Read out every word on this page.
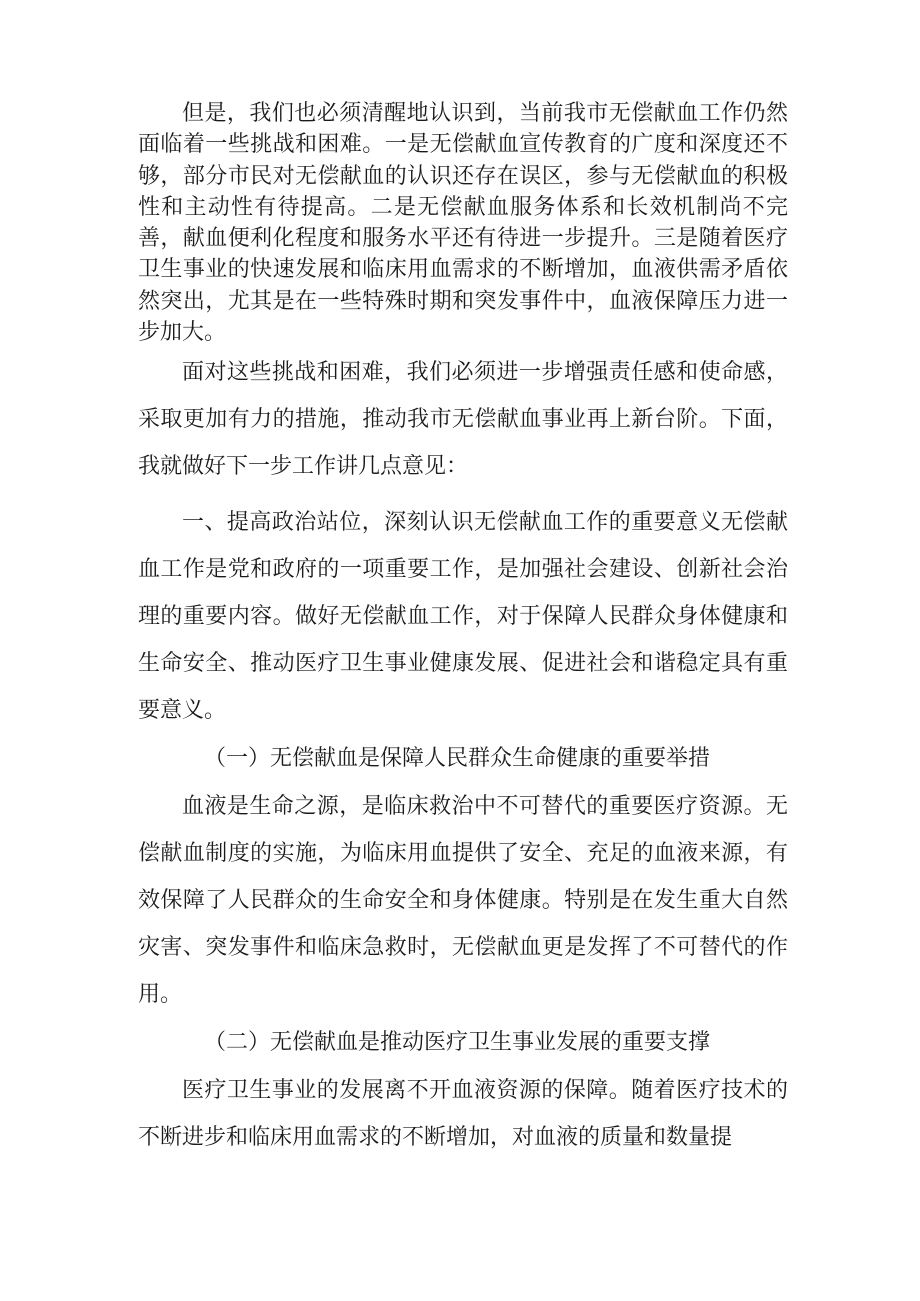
但是，我们也必须清醒地认识到，当前我市无偿献血工作仍然面临着一些挑战和困难。一是无偿献血宣传教育的广度和深度还不够，部分市民对无偿献血的认识还存在误区，参与无偿献血的积极性和主动性有待提高。二是无偿献血服务体系和长效机制尚不完善，献血便利化程度和服务水平还有待进一步提升。三是随着医疗卫生事业的快速发展和临床用血需求的不断增加，血液供需矛盾依然突出，尤其是在一些特殊时期和突发事件中，血液保障压力进一步加大。

面对这些挑战和困难，我们必须进一步增强责任感和使命感，采取更加有力的措施，推动我市无偿献血事业再上新台阶。下面，我就做好下一步工作讲几点意见：

一、提高政治站位，深刻认识无偿献血工作的重要意义无偿献血工作是党和政府的一项重要工作，是加强社会建设、创新社会治理的重要内容。做好无偿献血工作，对于保障人民群众身体健康和生命安全、推动医疗卫生事业健康发展、促进社会和谐稳定具有重要意义。

（一）无偿献血是保障人民群众生命健康的重要举措

血液是生命之源，是临床救治中不可替代的重要医疗资源。无偿献血制度的实施，为临床用血提供了安全、充足的血液来源，有效保障了人民群众的生命安全和身体健康。特别是在发生重大自然灾害、突发事件和临床急救时，无偿献血更是发挥了不可替代的作用。

（二）无偿献血是推动医疗卫生事业发展的重要支撑

医疗卫生事业的发展离不开血液资源的保障。随着医疗技术的不断进步和临床用血需求的不断增加，对血液的质量和数量提
